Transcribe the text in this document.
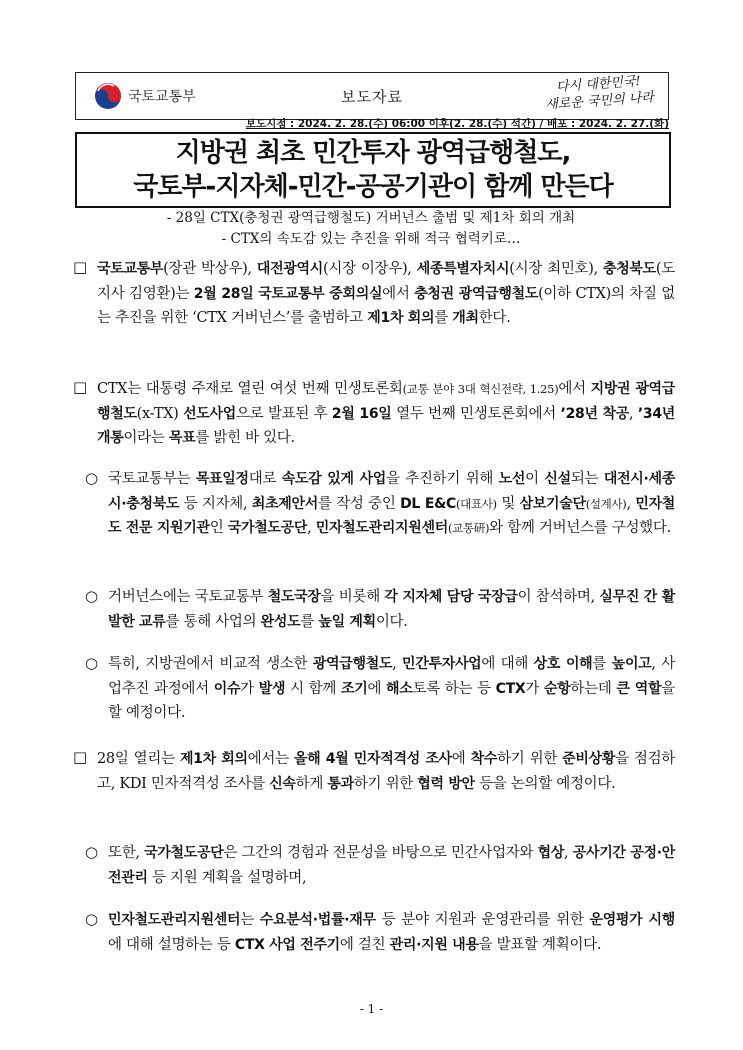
국토교통부	보도자료
다시 대한민국!
새로운 국민의 나라
보도시점 : 2024. 2. 28.(수) 06:00 이후(2. 28.(수) 석간) / 배포 : 2024. 2. 27.(화)
지방권 최초 민간투자 광역급행철도,
국토부-지자체-민간-공공기관이 함께 만든다
- 28일 CTX(충청권 광역급행철도) 거버넌스 출범 및 제1차 회의 개최
- CTX의 속도감 있는 추진을 위해 적극 협력키로…
□ 국토교통부(장관 박상우), 대전광역시(시장 이장우), 세종특별자치시(시장 최민호), 충청북도(도지사 김영환)는 2월 28일 국토교통부 중회의실에서 충청권 광역급행철도(이하 CTX)의 차질 없는 추진을 위한 ‘CTX 거버넌스’를 출범하고 제1차 회의를 개최한다.
□ CTX는 대통령 주재로 열린 여섯 번째 민생토론회(교통 분야 3대 혁신전략, 1.25)에서 지방권 광역급행철도(x-TX) 선도사업으로 발표된 후 2월 16일 열두 번째 민생토론회에서 ’28년 착공, ’34년 개통이라는 목표를 밝힌 바 있다.
○ 국토교통부는 목표일정대로 속도감 있게 사업을 추진하기 위해 노선이 신설되는 대전시·세종시·충청북도 등 지자체, 최초제안서를 작성 중인 DL E&C(대표사) 및 삼보기술단(설계사), 민자철도 전문 지원기관인 국가철도공단, 민자철도관리지원센터(교통硏)와 함께 거버넌스를 구성했다.
○ 거버넌스에는 국토교통부 철도국장을 비롯해 각 지자체 담당 국장급이 참석하며, 실무진 간 활발한 교류를 통해 사업의 완성도를 높일 계획이다.
○ 특히, 지방권에서 비교적 생소한 광역급행철도, 민간투자사업에 대해 상호 이해를 높이고, 사업추진 과정에서 이슈가 발생 시 함께 조기에 해소토록 하는 등 CTX가 순항하는데 큰 역할을 할 예정이다.
□ 28일 열리는 제1차 회의에서는 올해 4월 민자적격성 조사에 착수하기 위한 준비상황을 점검하고, KDI 민자적격성 조사를 신속하게 통과하기 위한 협력 방안 등을 논의할 예정이다.
○ 또한, 국가철도공단은 그간의 경험과 전문성을 바탕으로 민간사업자와 협상, 공사기간 공정·안전관리 등 지원 계획을 설명하며,
○ 민자철도관리지원센터는 수요분석·법률·재무 등 분야 지원과 운영관리를 위한 운영평가 시행에 대해 설명하는 등 CTX 사업 전주기에 걸친 관리·지원 내용을 발표할 계획이다.
- 1 -
